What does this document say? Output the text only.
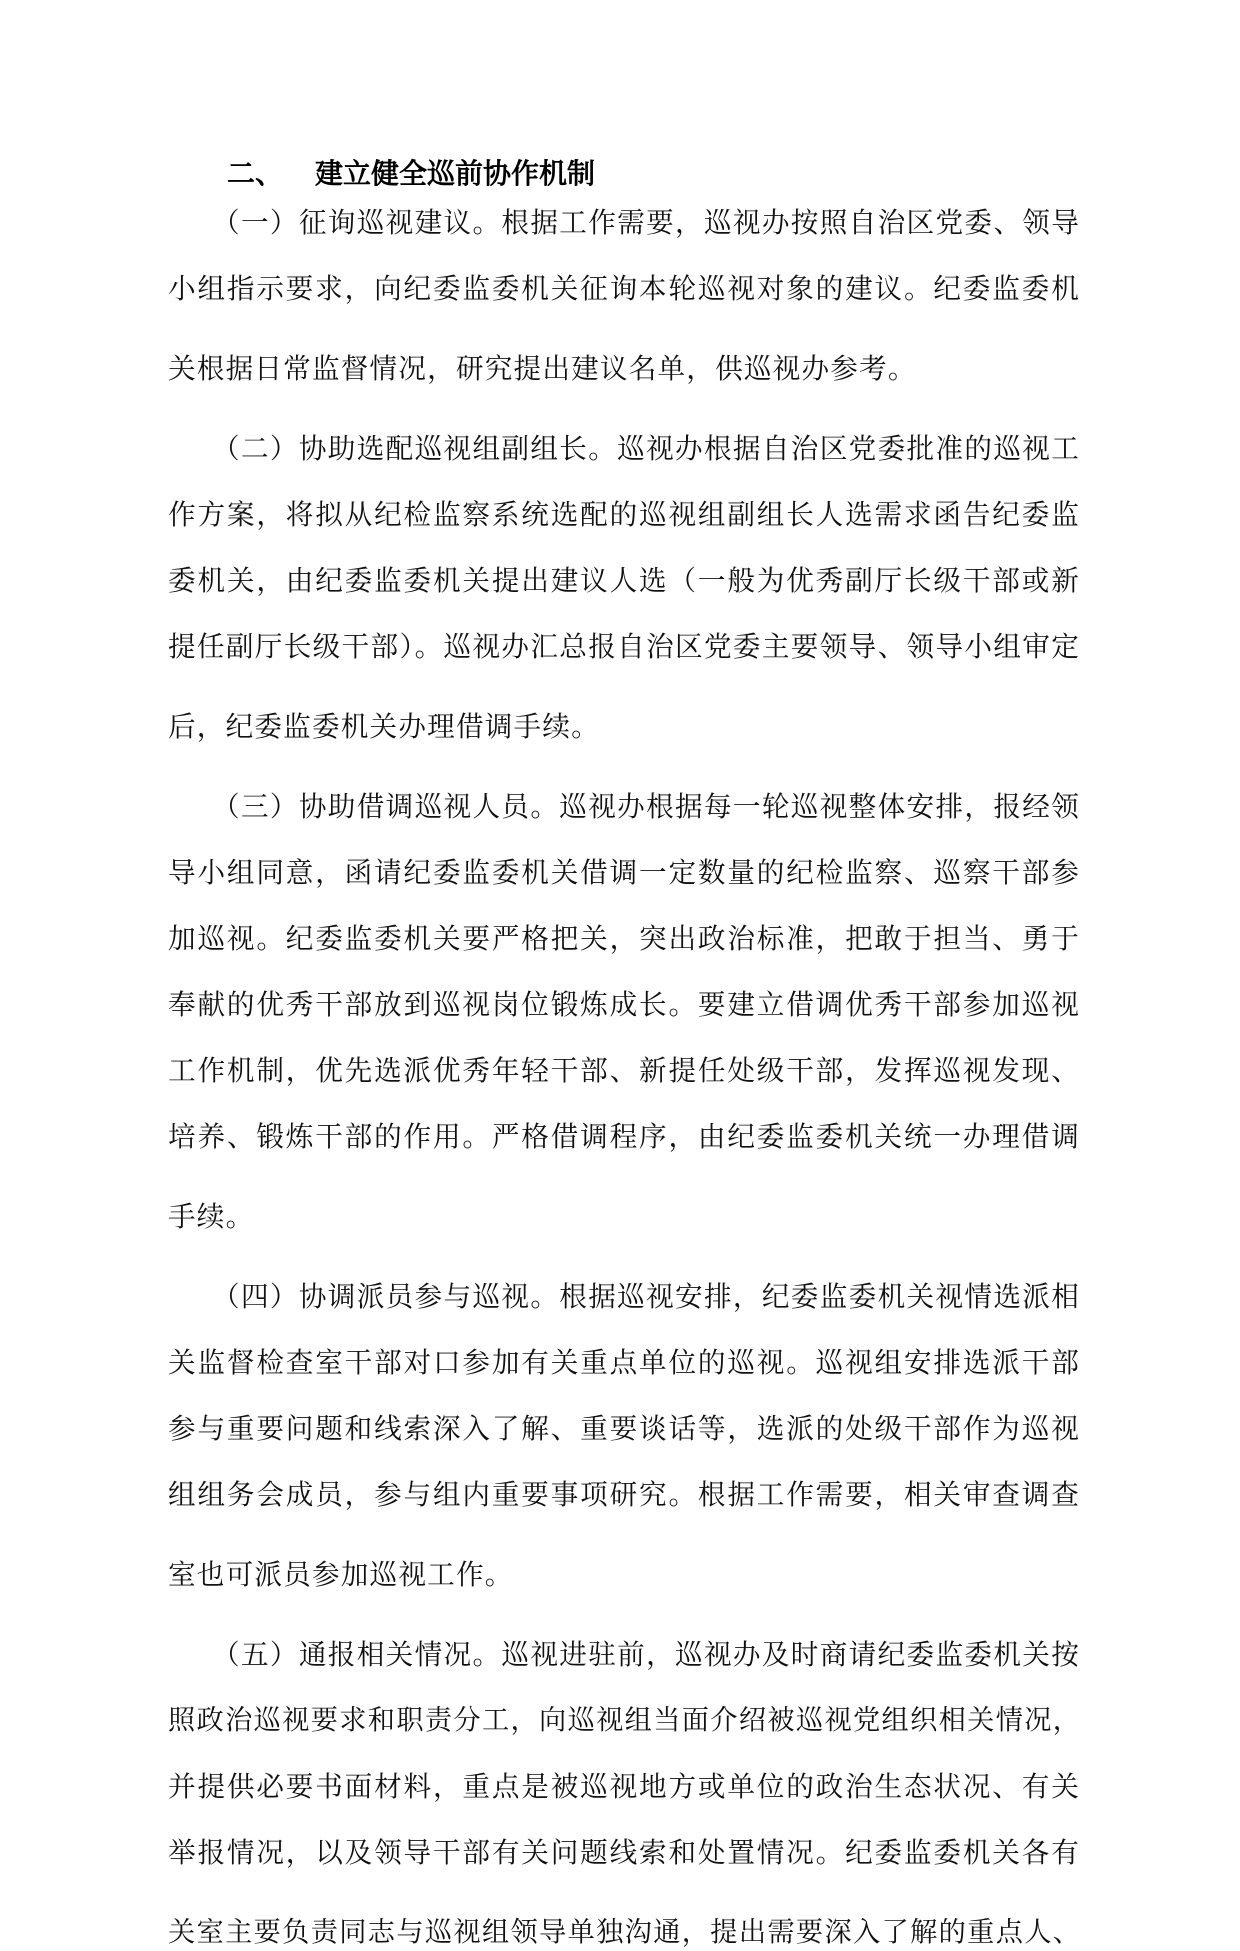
二、 建立健全巡前协作机制

（一）征询巡视建议。根据工作需要，巡视办按照自治区党委、领导
小组指示要求，向纪委监委机关征询本轮巡视对象的建议。纪委监委机
关根据日常监督情况，研究提出建议名单，供巡视办参考。

（二）协助选配巡视组副组长。巡视办根据自治区党委批准的巡视工
作方案，将拟从纪检监察系统选配的巡视组副组长人选需求函告纪委监
委机关，由纪委监委机关提出建议人选（一般为优秀副厅长级干部或新
提任副厅长级干部）。巡视办汇总报自治区党委主要领导、领导小组审定
后，纪委监委机关办理借调手续。

（三）协助借调巡视人员。巡视办根据每一轮巡视整体安排，报经领
导小组同意，函请纪委监委机关借调一定数量的纪检监察、巡察干部参
加巡视。纪委监委机关要严格把关，突出政治标准，把敢于担当、勇于
奉献的优秀干部放到巡视岗位锻炼成长。要建立借调优秀干部参加巡视
工作机制，优先选派优秀年轻干部、新提任处级干部，发挥巡视发现、
培养、锻炼干部的作用。严格借调程序，由纪委监委机关统一办理借调
手续。

（四）协调派员参与巡视。根据巡视安排，纪委监委机关视情选派相
关监督检查室干部对口参加有关重点单位的巡视。巡视组安排选派干部
参与重要问题和线索深入了解、重要谈话等，选派的处级干部作为巡视
组组务会成员，参与组内重要事项研究。根据工作需要，相关审查调查
室也可派员参加巡视工作。

（五）通报相关情况。巡视进驻前，巡视办及时商请纪委监委机关按
照政治巡视要求和职责分工，向巡视组当面介绍被巡视党组织相关情况，
并提供必要书面材料，重点是被巡视地方或单位的政治生态状况、有关
举报情况，以及领导干部有关问题线索和处置情况。纪委监委机关各有
关室主要负责同志与巡视组领导单独沟通，提出需要深入了解的重点人、
